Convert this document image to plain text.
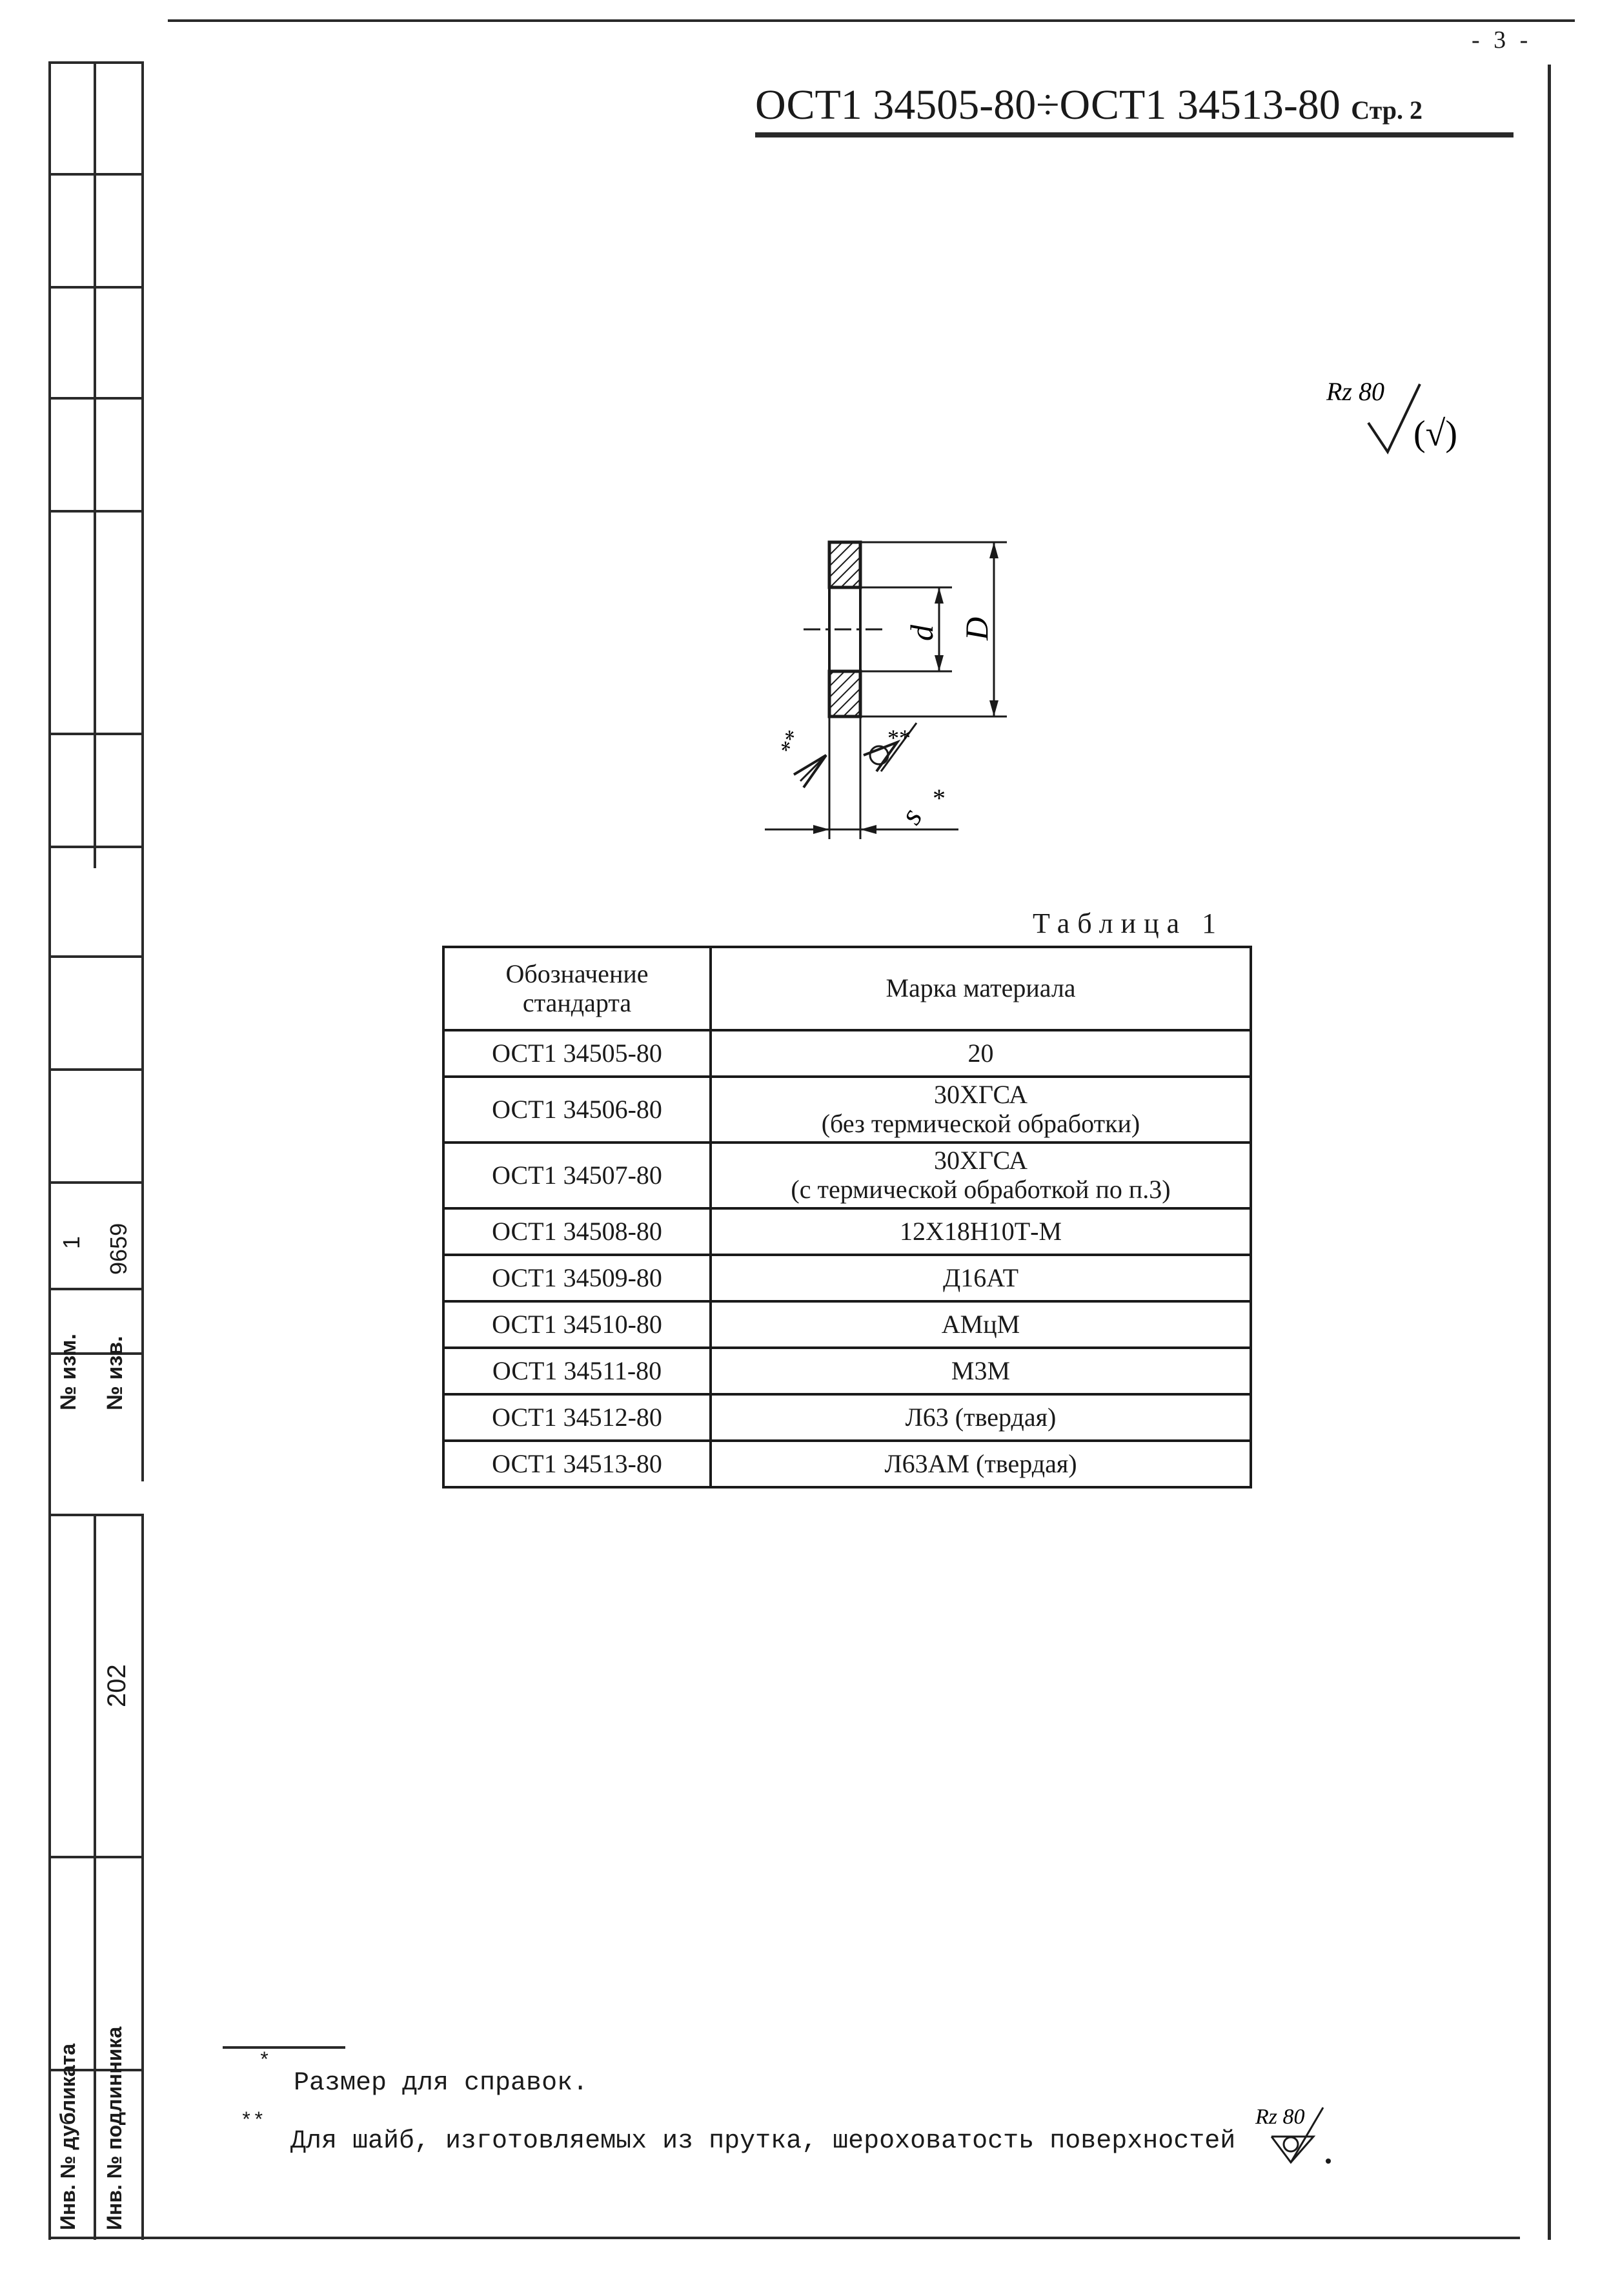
- 3 -
ОСТ1 34505-80÷ОСТ1 34513-80 Стр. 2
№ изм.
1
№ изв.
9659
Инв. № дубликата Инв. № подлинника
202
Rz 80
(√)
d D
s
*
**	**
Таблица 1
Обозначение стандарта	Марка материала
ОСТ1 34505-80	20

ОСТ1 34506-80	30ХГСА
(без термической обработки)

ОСТ1 34507-80	30ХГСА
(с термической обработкой по п.3)

ОСТ1 34508-80	12Х18Н10Т-М

ОСТ1 34509-80	Д16АТ

ОСТ1 34510-80	АМцМ

ОСТ1 34511-80	М3М

ОСТ1 34512-80	Л63 (твердая)

ОСТ1 34513-80	Л63АМ (твердая)
*
Размер для справок.
**
Для шайб, изготовляемых из прутка, шероховатость поверхностей
Rz 80
